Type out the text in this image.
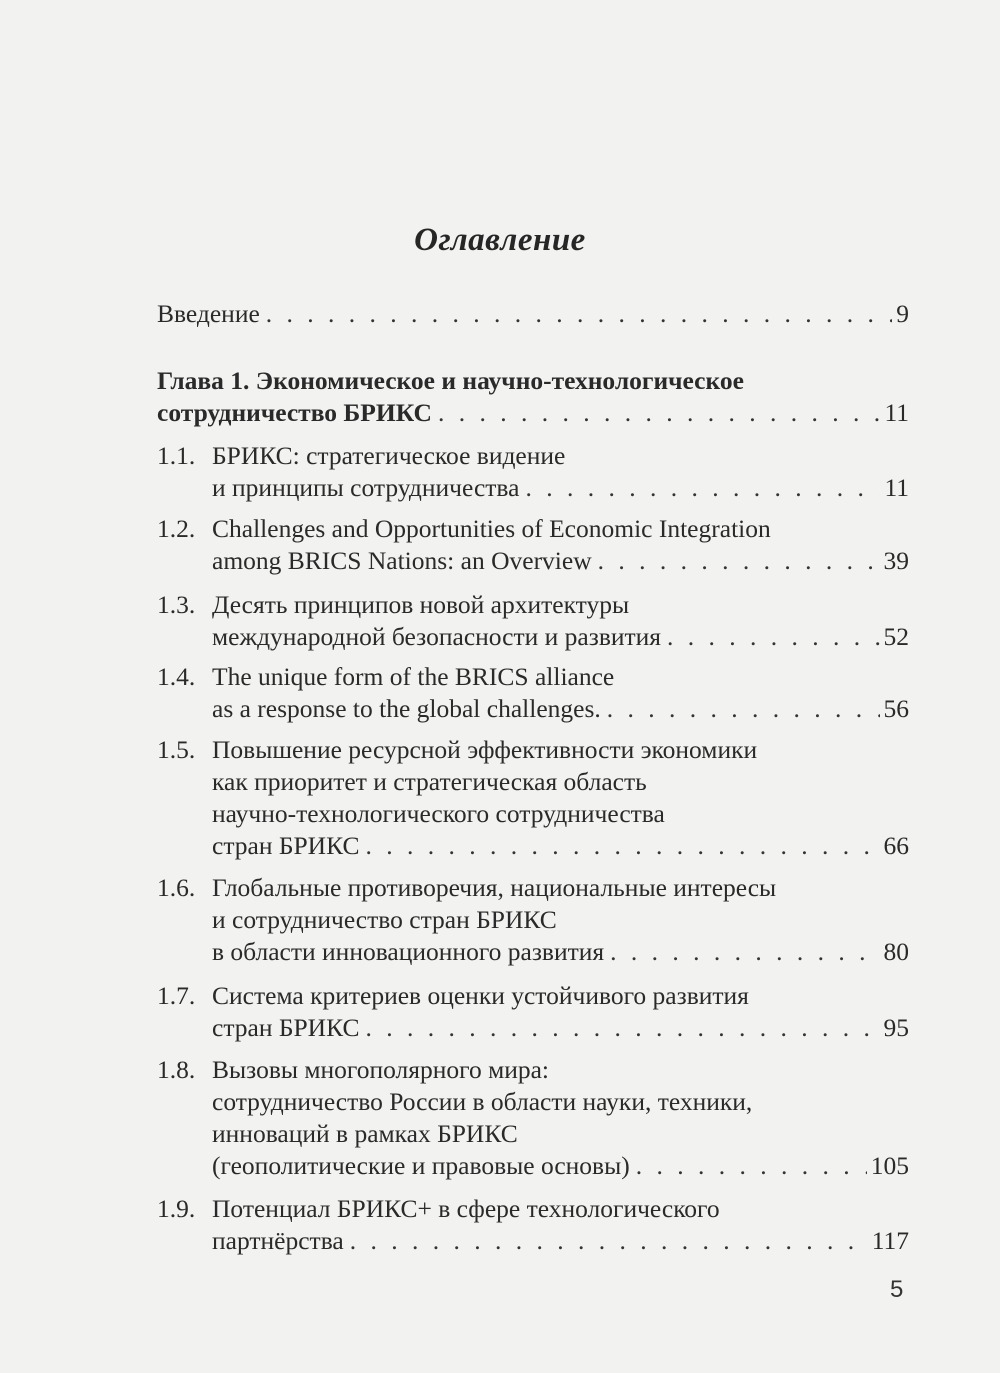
Оглавление
Введение . . .	9
Глава 1. Экономическое и научно-технологическое
сотрудничество БРИКС . . .	11
1.1. БРИКС: стратегическое видение
и принципы сотрудничества . . .	11
1.2. Challenges and Opportunities of Economic Integration
among BRICS Nations: an Overview . . .	39
1.3. Десять принципов новой архитектуры
международной безопасности и развития . . .	52
1.4. The unique form of the BRICS alliance
as a response to the global challenges. . . .	56
1.5. Повышение ресурсной эффективности экономики
как приоритет и стратегическая область
научно-технологического сотрудничества
стран БРИКС . . .	66
1.6. Глобальные противоречия, национальные интересы
и сотрудничество стран БРИКС
в области инновационного развития . . .	80
1.7. Система критериев оценки устойчивого развития
стран БРИКС . . .	95
1.8. Вызовы многополярного мира:
сотрудничество России в области науки, техники,
инноваций в рамках БРИКС
(геополитические и правовые основы) . . .	105
1.9. Потенциал БРИКС+ в сфере технологического
партнёрства . . .	117
5
